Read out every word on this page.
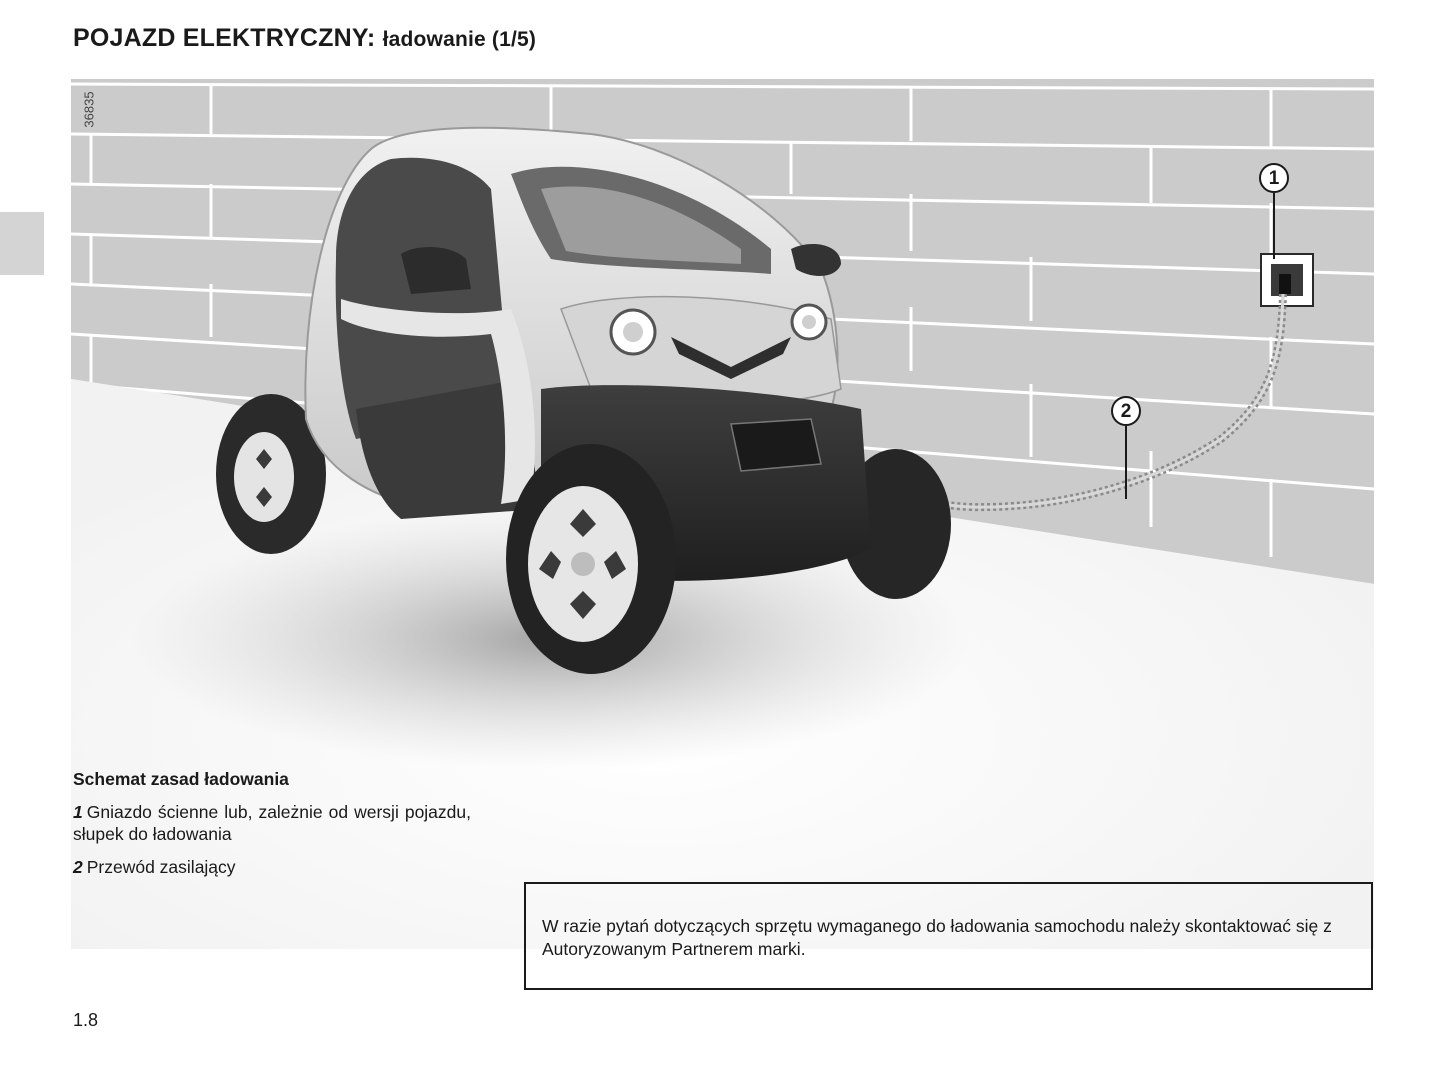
POJAZD ELEKTRYCZNY: ładowanie (1/5)
36835
1
2
Schemat zasad ładowania
1 Gniazdo ścienne lub, zależnie od wersji pojazdu, słupek do ładowania
2 Przewód zasilający
W razie pytań dotyczących sprzętu wymaganego do ładowania samochodu należy skontaktować się z Autoryzowanym Partnerem marki.
1.8
